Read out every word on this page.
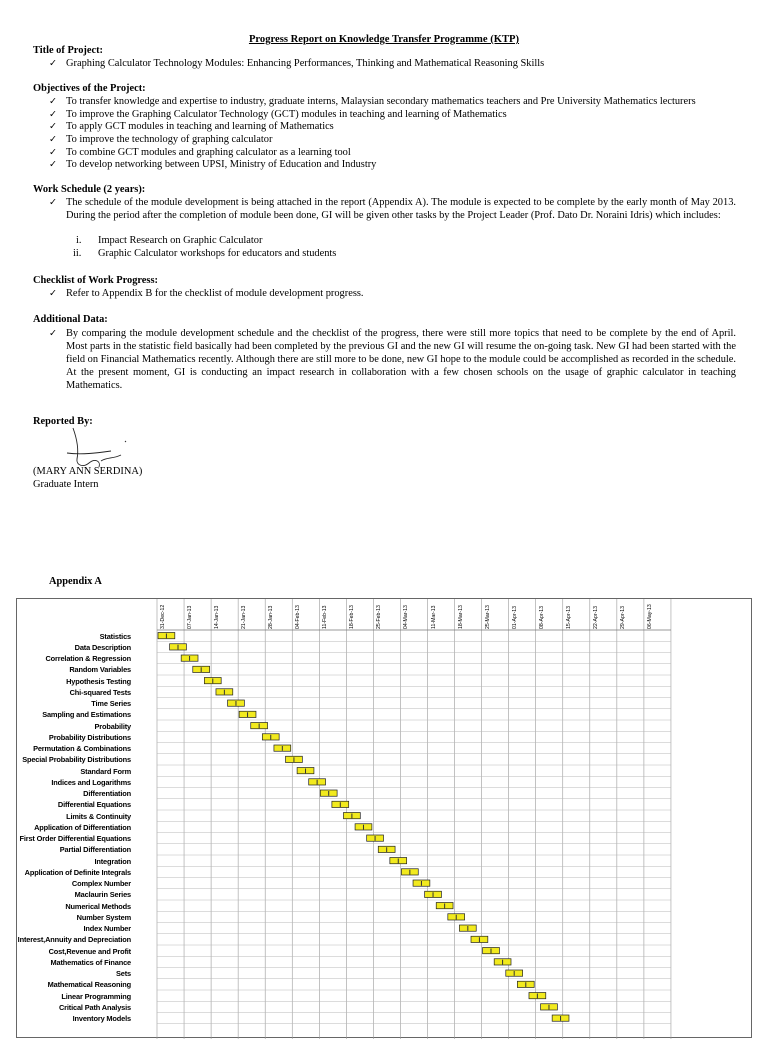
Progress Report on Knowledge Transfer Programme (KTP)
Title of Project:
✓ Graphing Calculator Technology Modules: Enhancing Performances, Thinking and Mathematical Reasoning Skills
Objectives of the Project:
✓ To transfer knowledge and expertise to industry, graduate interns, Malaysian secondary mathematics teachers and Pre University Mathematics lecturers
✓ To improve the Graphing Calculator Technology (GCT) modules in teaching and learning of Mathematics
✓ To apply GCT modules in teaching and learning of Mathematics
✓ To improve the technology of graphing calculator
✓ To combine GCT modules and graphing calculator as a learning tool
✓ To develop networking between UPSI, Ministry of Education and Industry
Work Schedule (2 years):
✓ The schedule of the module development is being attached in the report (Appendix A). The module is expected to be complete by the early month of May 2013. During the period after the completion of module been done, GI will be given other tasks by the Project Leader (Prof. Dato Dr. Noraini Idris) which includes:
i. Impact Research on Graphic Calculator
ii. Graphic Calculator workshops for educators and students
Checklist of Work Progress:
✓ Refer to Appendix B for the checklist of module development progress.
Additional Data:
✓ By comparing the module development schedule and the checklist of the progress, there were still more topics that need to be complete by the end of April. Most parts in the statistic field basically had been completed by the previous GI and the new GI will resume the on-going task. New GI had been started with the field on Financial Mathematics recently. Although there are still more to be done, new GI hope to the module could be accomplished as recorded in the schedule. At the present moment, GI is conducting an impact research in collaboration with a few chosen schools on the usage of graphic calculator in teaching Mathematics.
Reported By:
(MARY ANN SERDINA)
Graduate Intern
Appendix A
Statistics
Data Description
Correlation & Regression
Random Variables
Hypothesis Testing
Chi-squared Tests
Time Series
Sampling and Estimations
Probability
Probability Distributions
Permutation & Combinations
Special Probability Distributions
Standard Form
Indices and Logarithms
Differentiation
Differential Equations
Limits & Continuity
Application of Differentiation
First Order Differential Equations
Partial Differentiation
Integration
Application of Definite Integrals
Complex Number
Maclaurin Series
Numerical Methods
Number System
Index Number
Interest,Annuity and Depreciation
Cost,Revenue and Profit
Mathematics of Finance
Sets
Mathematical Reasoning
Linear Programming
Critical Path Analysis
Inventory Models
31-Dec-12	07-Jan-13	14-Jan-13	21-Jan-13	28-Jan-13	04-Feb-13	11-Feb-13	18-Feb-13	25-Feb-13	04-Mar-13	11-Mar-13	18-Mar-13	25-Mar-13	01-Apr-13	08-Apr-13	15-Apr-13	22-Apr-13	29-Apr-13	06-May-13
